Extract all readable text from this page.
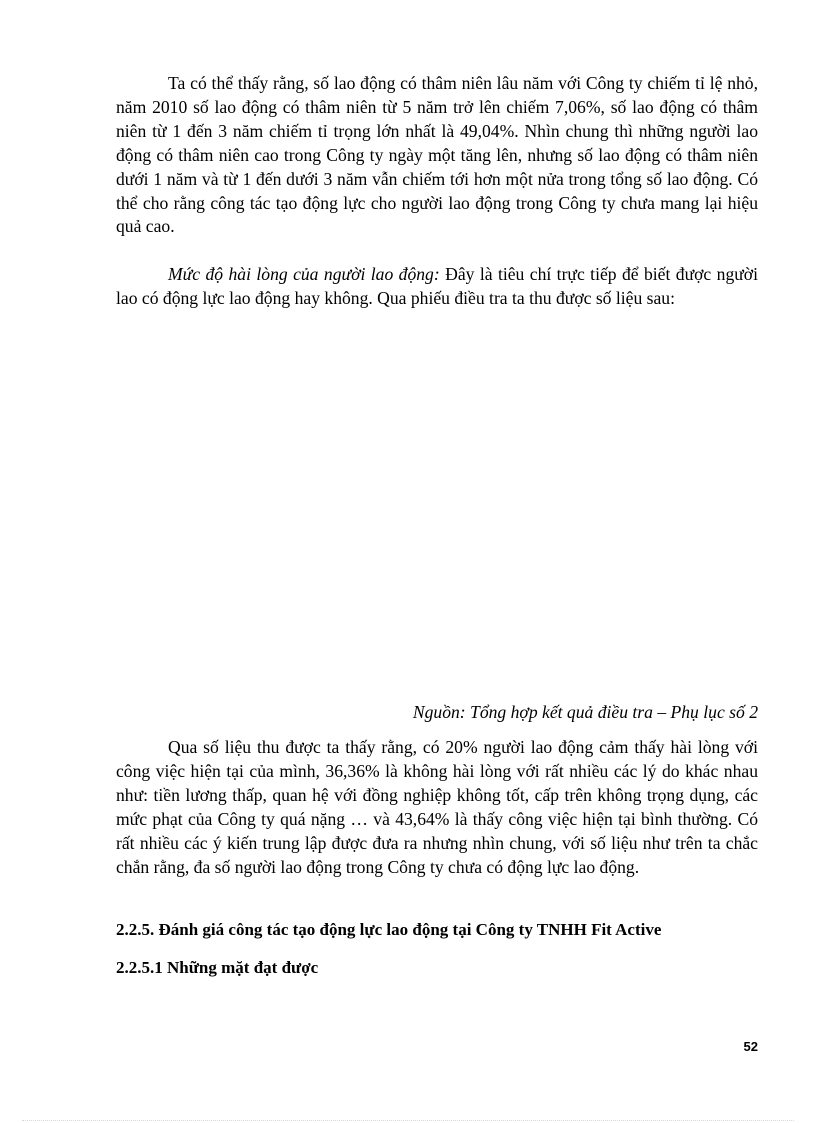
Ta có thể thấy rằng, số lao động có thâm niên lâu năm với Công ty chiếm tỉ lệ nhỏ, năm 2010 số lao động có thâm niên từ 5 năm trở lên chiếm 7,06%, số lao động có thâm niên từ 1 đến 3 năm chiếm tỉ trọng lớn nhất là 49,04%. Nhìn chung thì những người lao động có thâm niên cao trong Công ty ngày một tăng lên, nhưng số lao động có thâm niên dưới 1 năm và từ 1 đến dưới 3 năm vẫn chiếm tới hơn một nửa trong tổng số lao động. Có thể cho rằng công tác tạo động lực cho người lao động trong Công ty chưa mang lại hiệu quả cao.

Mức độ hài lòng của người lao động: Đây là tiêu chí trực tiếp để biết được người lao có động lực lao động hay không. Qua phiếu điều tra ta thu được số liệu sau:

Nguồn: Tổng hợp kết quả điều tra – Phụ lục số 2

Qua số liệu thu được ta thấy rằng, có 20% người lao động cảm thấy hài lòng với công việc hiện tại của mình, 36,36% là không hài lòng với rất nhiều các lý do khác nhau như: tiền lương thấp, quan hệ với đồng nghiệp không tốt, cấp trên không trọng dụng, các mức phạt của Công ty quá nặng … và 43,64% là thấy công việc hiện tại bình thường. Có rất nhiều các ý kiến trung lập được đưa ra nhưng nhìn chung, với số liệu như trên ta chắc chắn rằng, đa số người lao động trong Công ty chưa có động lực lao động.

2.2.5. Đánh giá công tác tạo động lực lao động tại Công ty TNHH Fit Active
2.2.5.1 Những mặt đạt được
52
